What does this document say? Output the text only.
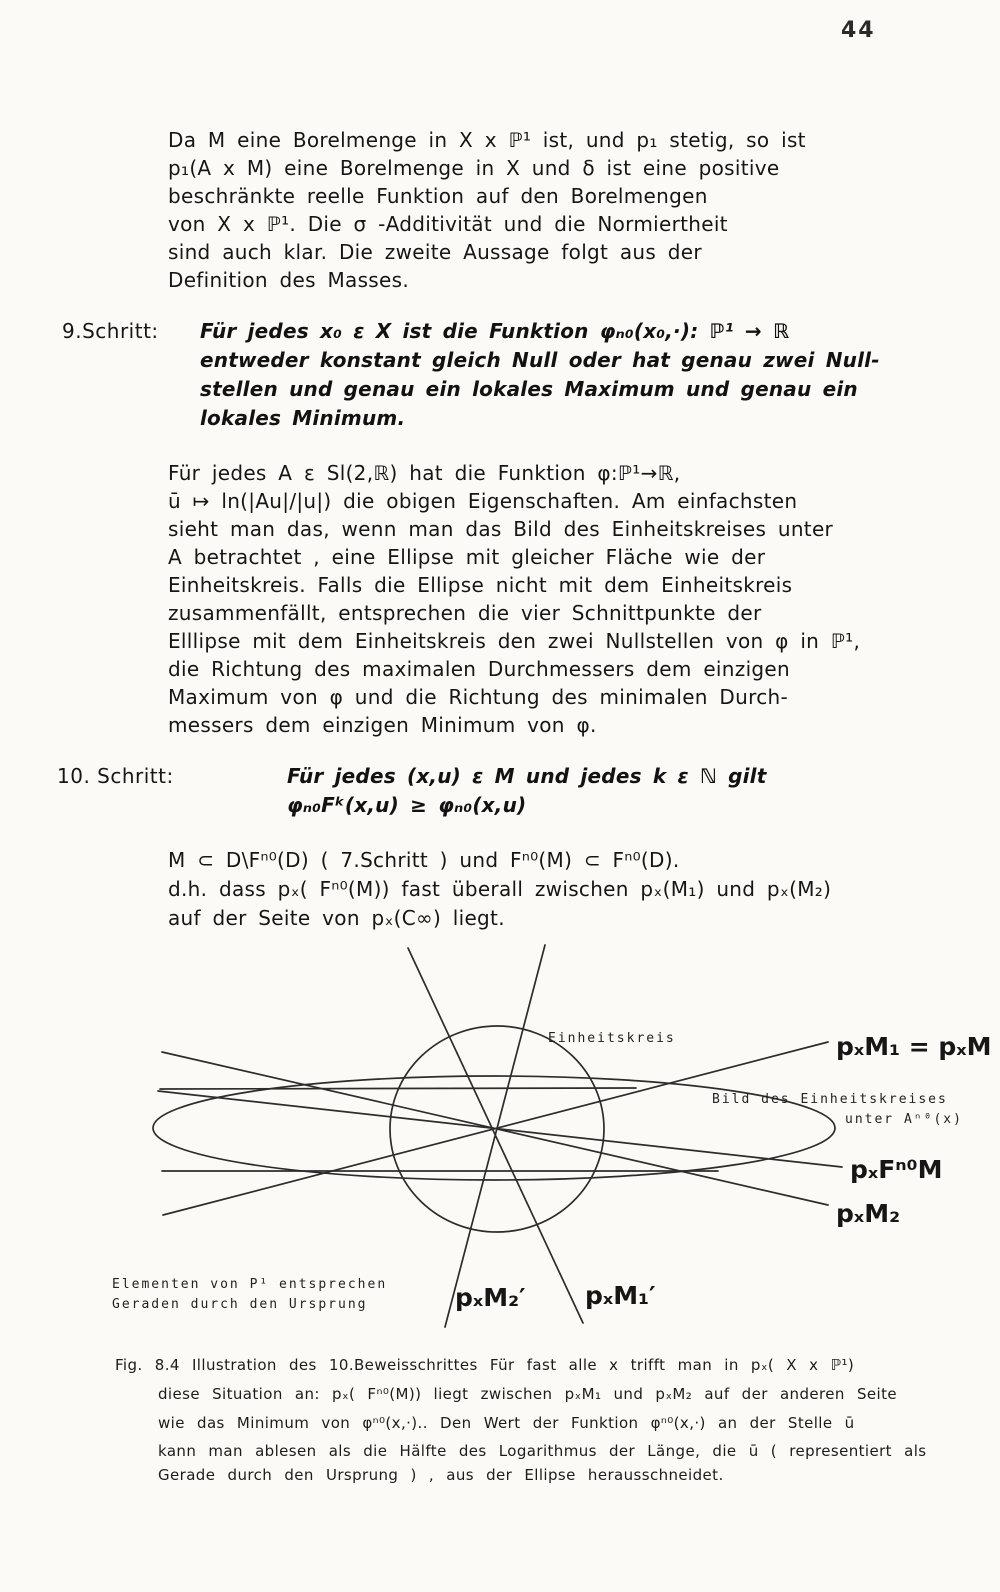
44
Da M eine Borelmenge in X x ℙ¹ ist, und p₁ stetig, so ist
p₁(A x M) eine Borelmenge in X und δ ist eine positive
beschränkte reelle Funktion auf den Borelmengen
von X x ℙ¹. Die σ -Additivität und die Normiertheit
sind auch klar. Die zweite Aussage folgt aus der
Definition des Masses.
9.Schritt: Für jedes x₀ ε X ist die Funktion φₙ₀(x₀,·): ℙ¹ → ℝ
entweder konstant gleich Null oder hat genau zwei Null-
stellen und genau ein lokales Maximum und genau ein
lokales Minimum.
Für jedes A ε Sl(2,ℝ) hat die Funktion φ:ℙ¹→ℝ,
ū ↦ ln(|Au|/|u|) die obigen Eigenschaften. Am einfachsten
sieht man das, wenn man das Bild des Einheitskreises unter
A betrachtet , eine Ellipse mit gleicher Fläche wie der
Einheitskreis. Falls die Ellipse nicht mit dem Einheitskreis
zusammenfällt, entsprechen die vier Schnittpunkte der
Elllipse mit dem Einheitskreis den zwei Nullstellen von φ in ℙ¹,
die Richtung des maximalen Durchmessers dem einzigen
Maximum von φ und die Richtung des minimalen Durch-
messers dem einzigen Minimum von φ.
10. Schritt:	Für jedes (x,u) ε M und jedes k ε ℕ gilt
φₙ₀Fᵏ(x,u) ≥ φₙ₀(x,u)
M ⊂ D\Fⁿ⁰(D) ( 7.Schritt ) und Fⁿ⁰(M) ⊂ Fⁿ⁰(D).
d.h. dass pₓ( Fⁿ⁰(M)) fast überall zwischen pₓ(M₁) und pₓ(M₂)
auf der Seite von pₓ(C∞) liegt.
Einheitskreis
Bild des Einheitskreises
unter Aⁿ⁰(x)
Elementen von P¹ entsprechen
Geraden durch den Ursprung
pₓM₁ = pₓM
pₓFⁿ⁰M
pₓM₂
pₓM₂′ pₓM₁′
Fig. 8.4 Illustration des 10.Beweisschrittes Für fast alle x trifft man in pₓ( X x ℙ¹)
diese Situation an: pₓ( Fⁿ⁰(M)) liegt zwischen pₓM₁ und pₓM₂ auf der anderen Seite
wie das Minimum von φⁿ⁰(x,·).. Den Wert der Funktion φⁿ⁰(x,·) an der Stelle ū
kann man ablesen als die Hälfte des Logarithmus der Länge, die ū ( representiert als
Gerade durch den Ursprung ) , aus der Ellipse herausschneidet.
